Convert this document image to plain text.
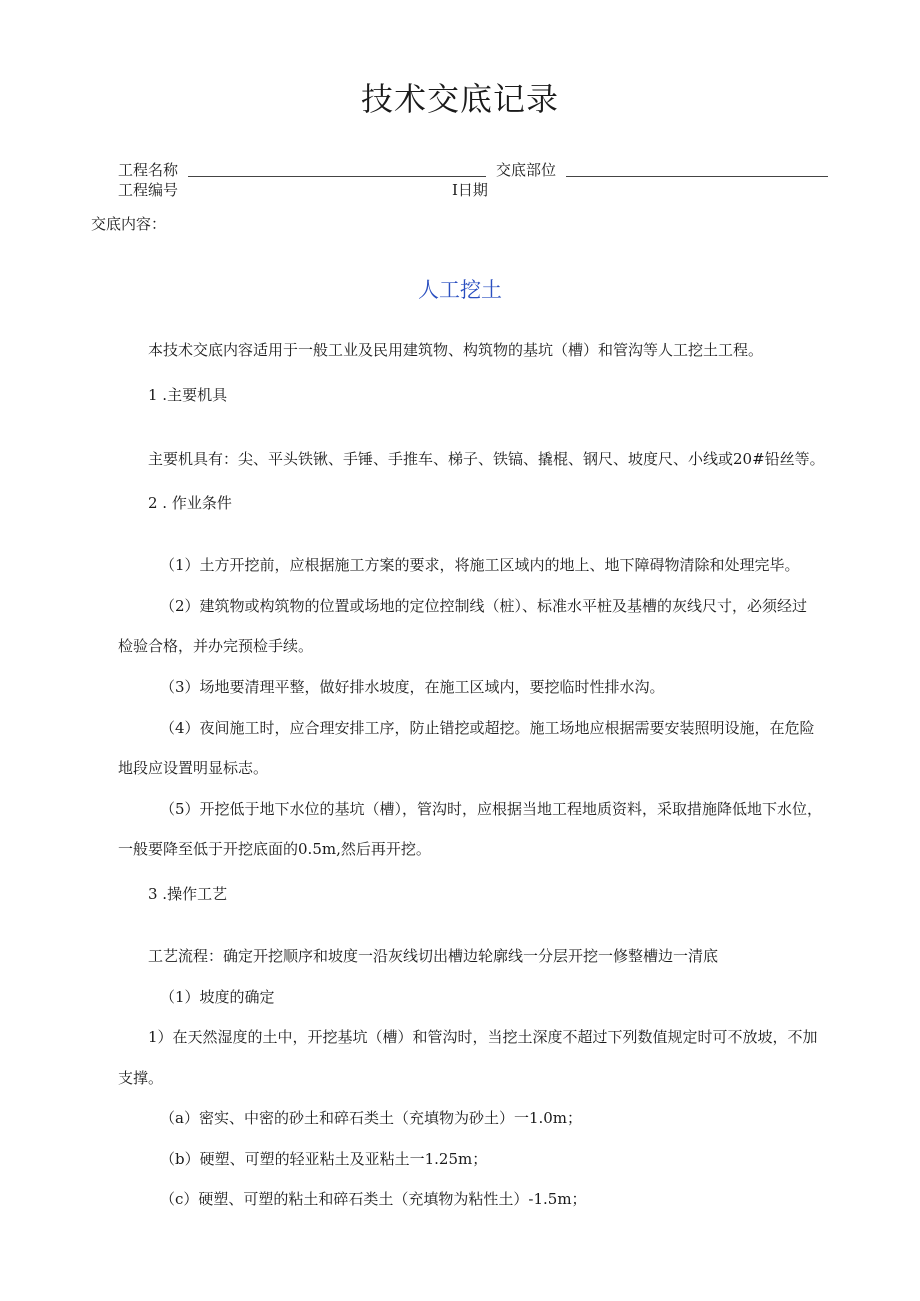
技术交底记录
工程名称	交底部位
工程编号	I日期
交底内容：
人工挖土
本技术交底内容适用于一般工业及民用建筑物、构筑物的基坑（槽）和管沟等人工挖土工程。
1 .主要机具
主要机具有：尖、平头铁锹、手锤、手推车、梯子、铁镐、撬棍、钢尺、坡度尺、小线或20#铅丝等。
2 . 作业条件
（1）土方开挖前，应根据施工方案的要求，将施工区域内的地上、地下障碍物清除和处理完毕。
（2）建筑物或构筑物的位置或场地的定位控制线（桩）、标准水平桩及基槽的灰线尺寸，必须经过
检验合格，并办完预检手续。
（3）场地要清理平整，做好排水坡度，在施工区域内，要挖临时性排水沟。
（4）夜间施工时，应合理安排工序，防止错挖或超挖。施工场地应根据需要安装照明设施，在危险
地段应设置明显标志。
（5）开挖低于地下水位的基坑（槽），管沟时，应根据当地工程地质资料，采取措施降低地下水位，
一般要降至低于开挖底面的0.5m,然后再开挖。
3 .操作工艺
工艺流程：确定开挖顺序和坡度一沿灰线切出槽边轮廓线一分层开挖一修整槽边一清底
（1）坡度的确定
1）在天然湿度的土中，开挖基坑（槽）和管沟时，当挖土深度不超过下列数值规定时可不放坡，不加
支撑。
（a）密实、中密的砂土和碎石类土（充填物为砂土）一1.0m；
（b）硬塑、可塑的轻亚粘土及亚粘土一1.25m；
（c）硬塑、可塑的粘土和碎石类土（充填物为粘性土）-1.5m；
